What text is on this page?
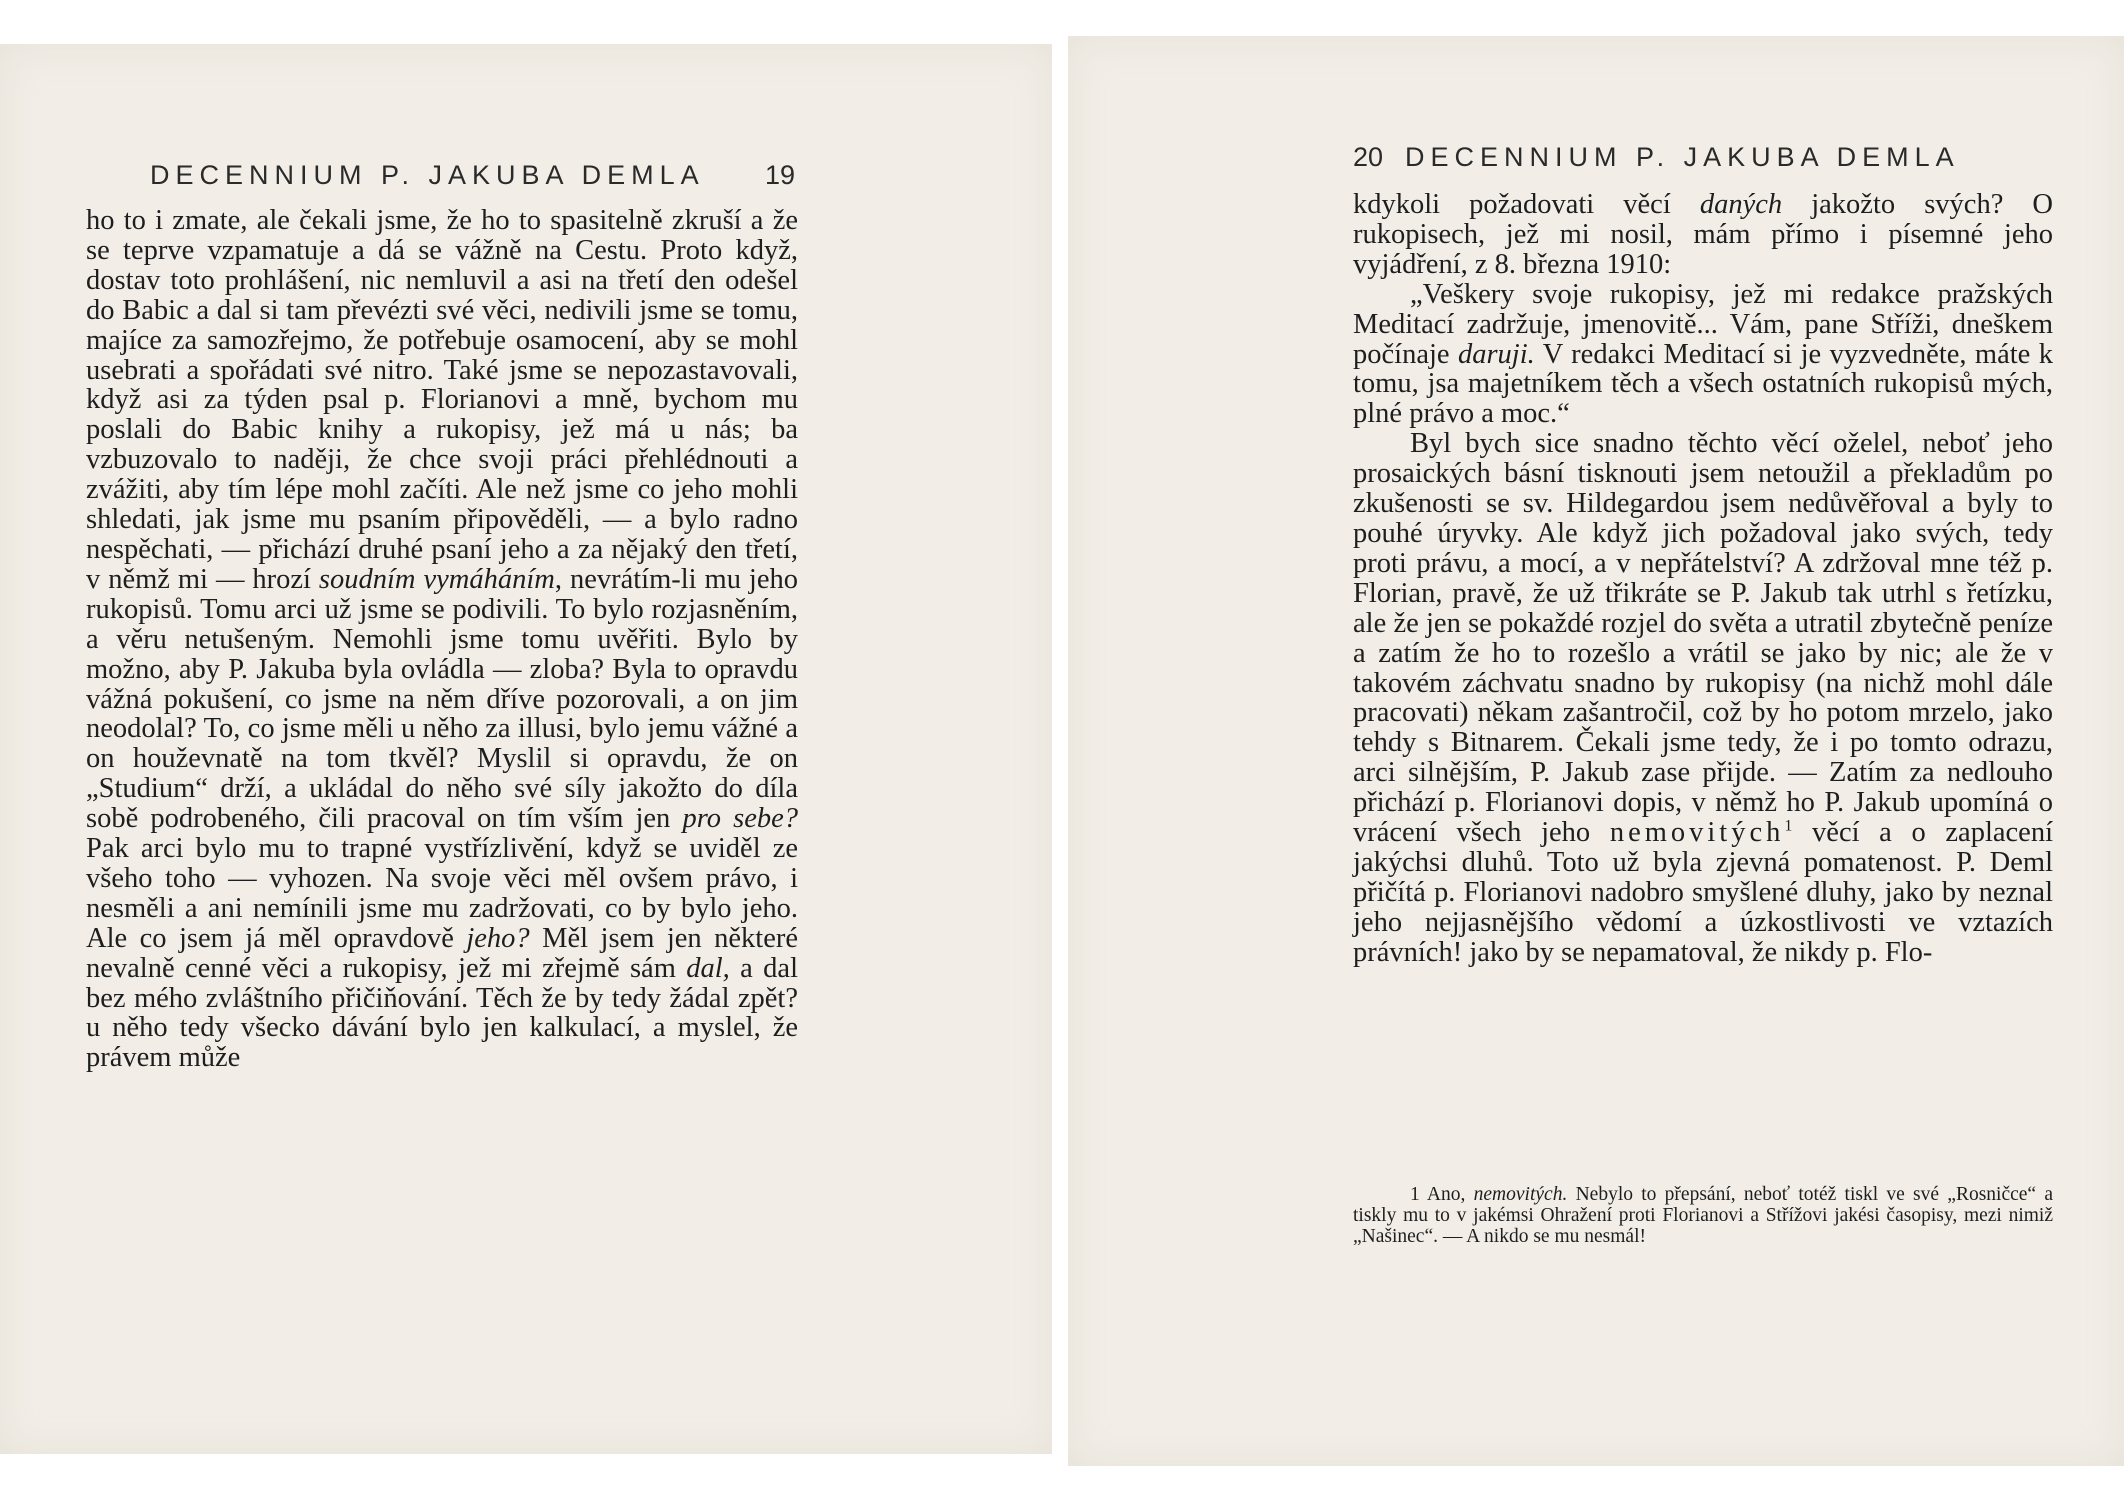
DECENNIUM P. JAKUBA DEMLA 19

ho to i zmate, ale čekali jsme, že ho to spasitelně zkruší a že se teprve vzpamatuje a dá se vážně na Cestu. Proto když, dostav toto prohlášení, nic nemluvil a asi na třetí den odešel do Babic a dal si tam převézti své věci, nedivili jsme se tomu, majíce za samozřejmo, že potřebuje osamocení, aby se mohl usebrati a spořádati své nitro. Také jsme se nepozastavovali, když asi za týden psal p. Florianovi a mně, bychom mu poslali do Babic knihy a rukopisy, jež má u nás; ba vzbuzovalo to naději, že chce svoji práci přehlédnouti a zvážiti, aby tím lépe mohl začíti. Ale než jsme co jeho mohli shledati, jak jsme mu psaním připověděli, — a bylo radno nespěchati, — přichází druhé psaní jeho a za nějaký den třetí, v němž mi — hrozí soudním vymáháním, nevrátím-li mu jeho rukopisů. Tomu arci už jsme se podivili. To bylo rozjasněním, a věru netušeným. Nemohli jsme tomu uvěřiti. Bylo by možno, aby P. Jakuba byla ovládla — zloba? Byla to opravdu vážná pokušení, co jsme na něm dříve pozorovali, a on jim neodolal? To, co jsme měli u něho za illusi, bylo jemu vážné a on houževnatě na tom tkvěl? Myslil si opravdu, že on „Studium“ drží, a ukládal do něho své síly jakožto do díla sobě podrobeného, čili pracoval on tím vším jen pro sebe? Pak arci bylo mu to trapné vystřízlivění, když se uviděl ze všeho toho — vyhozen. Na svoje věci měl ovšem právo, i nesměli a ani nemínili jsme mu zadržovati, co by bylo jeho. Ale co jsem já měl opravdově jeho? Měl jsem jen některé nevalně cenné věci a rukopisy, jež mi zřejmě sám dal, a dal bez mého zvláštního přičiňování. Těch že by tedy žádal zpět? u něho tedy všecko dávání bylo jen kalkulací, a myslel, že právem může

20 DECENNIUM P. JAKUBA DEMLA

kdykoli požadovati věcí daných jakožto svých? O rukopisech, jež mi nosil, mám přímo i písemné jeho vyjádření, z 8. března 1910:

„Veškery svoje rukopisy, jež mi redakce pražských Meditací zadržuje, jmenovitě... Vám, pane Stříži, dneškem počínaje daruji. V redakci Meditací si je vyzvedněte, máte k tomu, jsa majetníkem těch a všech ostatních rukopisů mých, plné právo a moc.“

Byl bych sice snadno těchto věcí oželel, neboť jeho prosaických básní tisknouti jsem netoužil a překladům po zkušenosti se sv. Hildegardou jsem nedůvěřoval a byly to pouhé úryvky. Ale když jich požadoval jako svých, tedy proti právu, a mocí, a v nepřátelství? A zdržoval mne též p. Florian, pravě, že už třikráte se P. Jakub tak utrhl s řetízku, ale že jen se pokaždé rozjel do světa a utratil zbytečně peníze a zatím že ho to rozešlo a vrátil se jako by nic; ale že v takovém záchvatu snadno by rukopisy (na nichž mohl dále pracovati) někam zašantročil, což by ho potom mrzelo, jako tehdy s Bitnarem. Čekali jsme tedy, že i po tomto odrazu, arci silnějším, P. Jakub zase přijde. — Zatím za nedlouho přichází p. Florianovi dopis, v němž ho P. Jakub upomíná o vrácení všech jeho nemovitých$^1$ věcí a o zaplacení jakýchsi dluhů. Toto už byla zjevná pomatenost. P. Deml přičítá p. Florianovi nadobro smyšlené dluhy, jako by neznal jeho nejjasnějšího vědomí a úzkostlivosti ve vztazích právních! jako by se nepamatoval, že nikdy p. Flo-

1 Ano, nemovitých. Nebylo to přepsání, neboť totéž tiskl ve své „Rosničce“ a tiskly mu to v jakémsi Ohražení proti Florianovi a Střížovi jakési časopisy, mezi nimiž „Našinec“. — A nikdo se mu nesmál!
